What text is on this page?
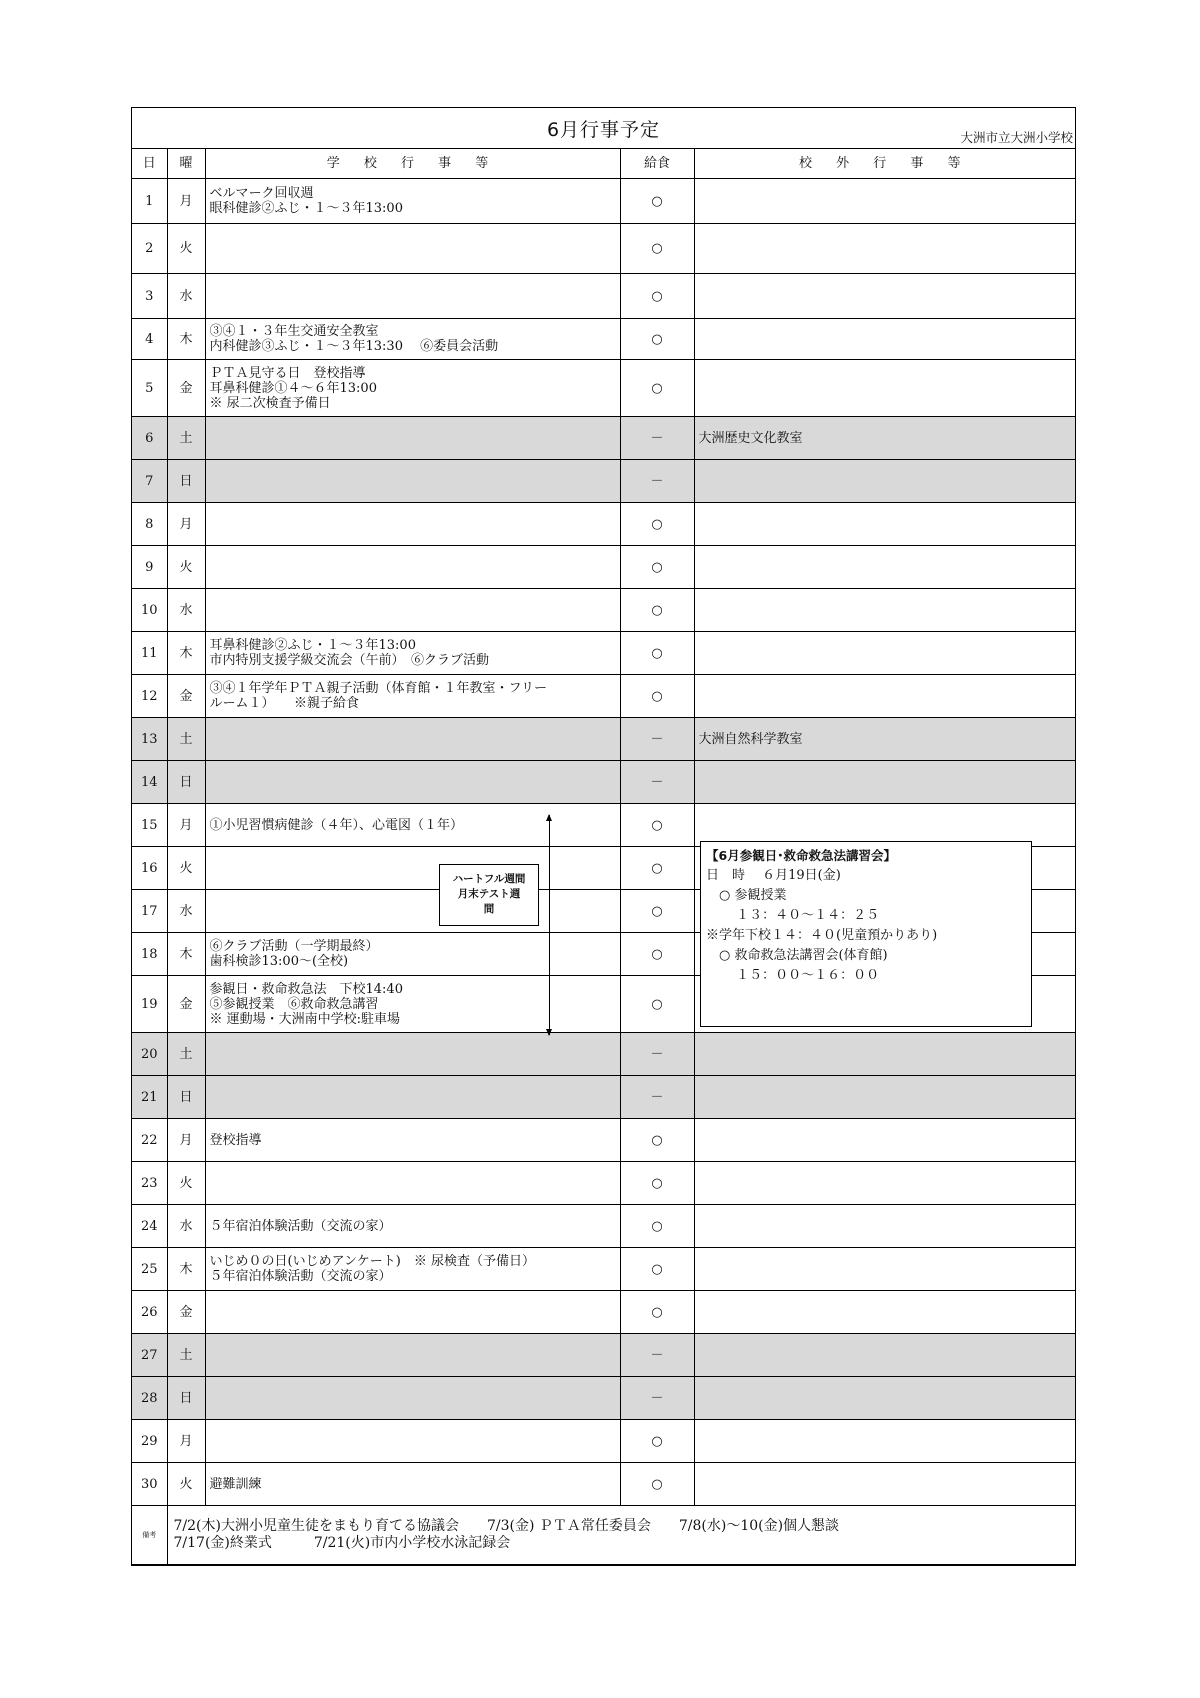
6月行事予定	大洲市立大洲小学校
日	曜	学 校 行 事 等	給食	校 外 行 事 等
1	月	ベルマーク回収週
眼科健診②ふじ・１～３年13:00	○	
2	火		○	
3	水		○	
4	木	③④１・３年生交通安全教室
内科健診③ふじ・１～３年13:30　 ⑥委員会活動	○	
5	金	ＰＴＡ見守る日　登校指導
耳鼻科健診①４～６年13:00
※ 尿二次検査予備日	○	
6	土		－	大洲歴史文化教室
7	日		－	
8	月		○	
9	火		○	
10	水		○	
11	木	耳鼻科健診②ふじ・１～３年13:00
市内特別支援学級交流会（午前）　⑥クラブ活動	○	
12	金	③④１年学年ＰＴＡ親子活動（体育館・１年教室・フリー
ルーム１）　　※親子給食	○	
13	土		－	大洲自然科学教室
14	日		－	
15	月	①小児習慣病健診（４年）、心電図（１年）	○	
16	火		○	
17	水		○	
18	木	⑥クラブ活動（一学期最終）
歯科検診13:00～(全校)	○	
19	金	参観日・救命救急法　下校14:40
⑤参観授業　⑥救命救急講習
※ 運動場・大洲南中学校:駐車場	○	
20	土		－	
21	日		－	
22	月	登校指導	○	
23	火		○	
24	水	５年宿泊体験活動（交流の家）	○	
25	木	いじめ０の日(いじめアンケート)　※ 尿検査（予備日）
５年宿泊体験活動（交流の家）	○	
26	金		○	
27	土		－	
28	日		－	
29	月		○	
30	火	避難訓練	○	
備考	7/2(木)大洲小児童生徒をまもり育てる協議会　　7/3(金) ＰＴＡ常任委員会　　7/8(水)～10(金)個人懇談
7/17(金)終業式　　　7/21(火)市内小学校水泳記録会			
ハートフル週間
月末テスト週
間
【6月参観日･救命救急法講習会】
日　時　 ６月19日(金)
　○ 参観授業
　　 １３：４０～１４：２５
※学年下校１４：４０(児童預かりあり)
　○ 救命救急法講習会(体育館)
　　 １５：００～１６：００
